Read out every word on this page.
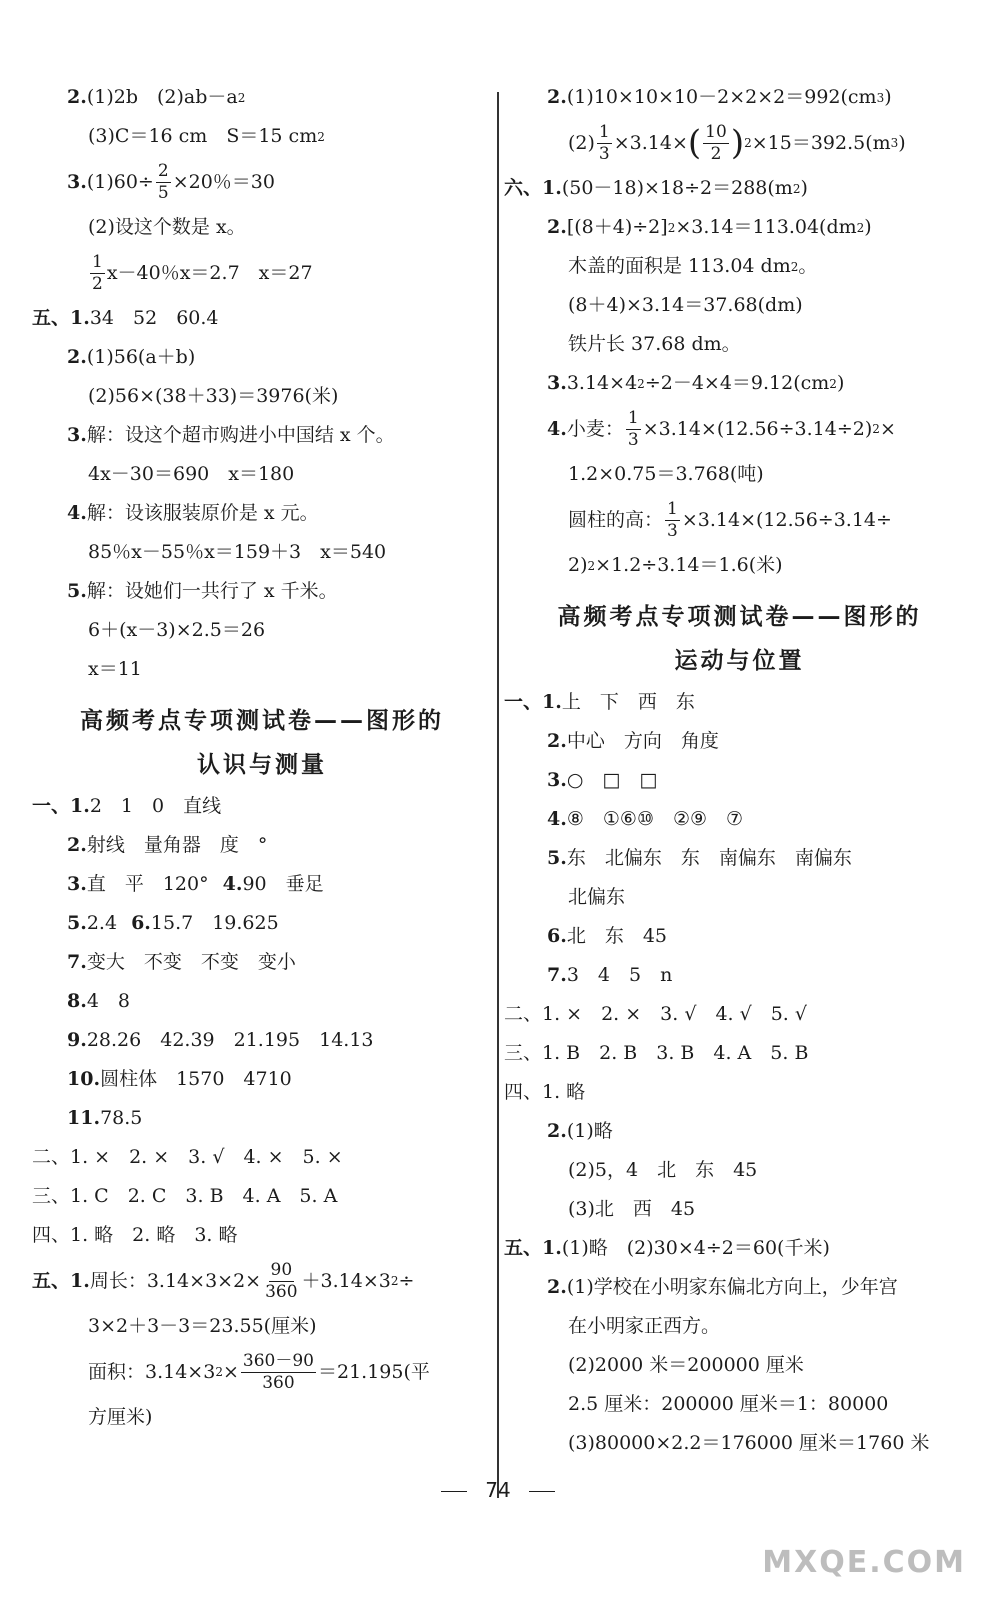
2. (1)2b　(2)ab－a 2
(3)C＝16 cm　S＝15 cm 2
3. $(1)60\div \frac{2}{5} \times 20$％＝30
(2)设这个数是 x。
$\frac{1}{2} x-40$％x＝2.7　x＝27
五、1. 34　52　60.4
2. (1)56(a＋b)
(2)56×(38＋33)＝3976(米)
3. 解：设这个超市购进小中国结 x 个。
4x－30＝690　x＝180
4. 解：设该服装原价是 x 元。
85％x－55％x＝159＋3　x＝540
5. 解：设她们一共行了 x 千米。
6＋(x－3)×2.5＝26
x＝11
高频考点专项测试卷——图形的
认识与测量
一、1. 2　1　0　直线
2. 射线　量角器　度　°
3. 直　平　120° 4. 90　垂足
5. 2.4 6. 15.7　19.625
7. 变大　不变　不变　变小
8. 4　8
9. 28.26　42.39　21.195　14.13
10. 圆柱体　1570　4710
11. 78.5
二、1. ×　2. ×　3. √　4. ×　5. ×
三、1. C　2. C　3. B　4. A　5. A
四、1. 略　2. 略　3. 略
五、1. 周长：$3.14\times 3\times 2\times \frac{90}{360} +3.14\times 3$ 2 ÷
3×2＋3－3＝23.55(厘米)
面积：3.14×3 $2 \times \frac{360-90}{360} =21.195$(平
方厘米)
2. (1)10×10×10－2×2×2＝992(cm 3 )
$(2) \frac{1}{3} \times 3.14\times$ ( $\frac{10}{2}$ ) 2 ×15＝392.5(m 3 )
六、1. (50－18)×18÷2＝288(m 2 )
2. [(8＋4)÷2] 2 ×3.14＝113.04(dm 2 )
木盖的面积是 113.04 dm 2 。
(8＋4)×3.14＝37.68(dm)
铁片长 37.68 dm。
3. 3.14×4 2 ÷2－4×4＝9.12(cm 2 )
4. 小麦： $\frac{1}{3} \times 3.14\times(12.56\div 3.14\div 2) 2$ ×
1.2×0.75＝3.768(吨)
圆柱的高： $\frac{1}{3} \times 3.14\times(12.56\div 3.14\div$
2) 2 ×1.2÷3.14＝1.6(米)
高频考点专项测试卷——图形的
运动与位置
一、1. 上　下　西　东
2. 中心　方向　角度
3. ○　□　□
4. ⑧　①⑥⑩　②⑨　⑦
5. 东　北偏东　东　南偏东　南偏东
北偏东
6. 北　东　45
7. 3　4　5　n
二、1. ×　2. ×　3. √　4. √　5. √
三、1. B　2. B　3. B　4. A　5. B
四、1. 略
2. (1)略
(2)5，4　北　东　45
(3)北　西　45
五、1. (1)略　(2)30×4÷2＝60(千米)
2. (1)学校在小明家东偏北方向上，少年宫
在小明家正西方。
(2)2000 米＝200000 厘米
2.5 厘米：200000 厘米＝1：80000
(3)80000×2.2＝176000 厘米＝1760 米
74
MXQE.COM
